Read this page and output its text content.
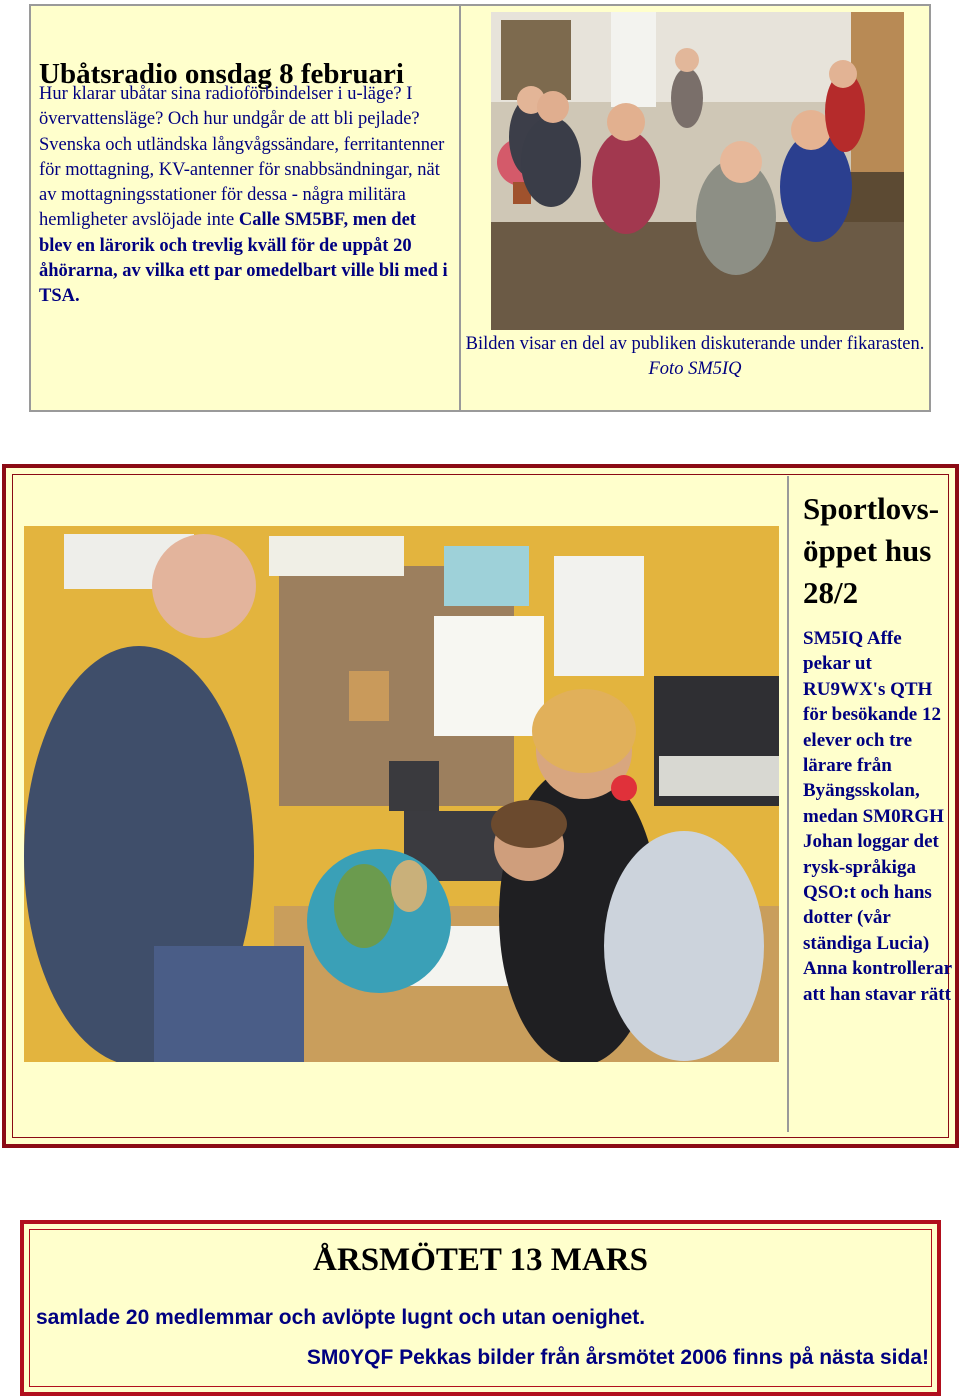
Ubåtsradio onsdag 8 februari

Hur klarar ubåtar sina radioförbindelser i u-läge? I övervattensläge? Och hur undgår de att bli pejlade? Svenska och utländska långvågssändare, ferritantenner för mottagning, KV-antenner för snabbsändningar, nät av mottagningsstationer för dessa - några militära hemligheter avslöjade inte Calle SM5BF, men det blev en lärorik och trevlig kväll för de uppåt 20 åhörarna, av vilka ett par omedelbart ville bli med i TSA.

Bilden visar en del av publiken diskuterande under fikarasten.
Foto SM5IQ

Sportlovs-öppet hus 28/2

SM5IQ Affe pekar ut RU9WX's QTH för besökande 12 elever och tre lärare från Byängsskolan, medan SM0RGH Johan loggar det rysk-språkiga QSO:t och hans dotter (vår ständiga Lucia) Anna kontrollerar att han stavar rätt

ÅRSMÖTET 13 MARS

samlade 20 medlemmar och avlöpte lugnt och utan oenighet.

SM0YQF Pekkas bilder från årsmötet 2006 finns på nästa sida!
